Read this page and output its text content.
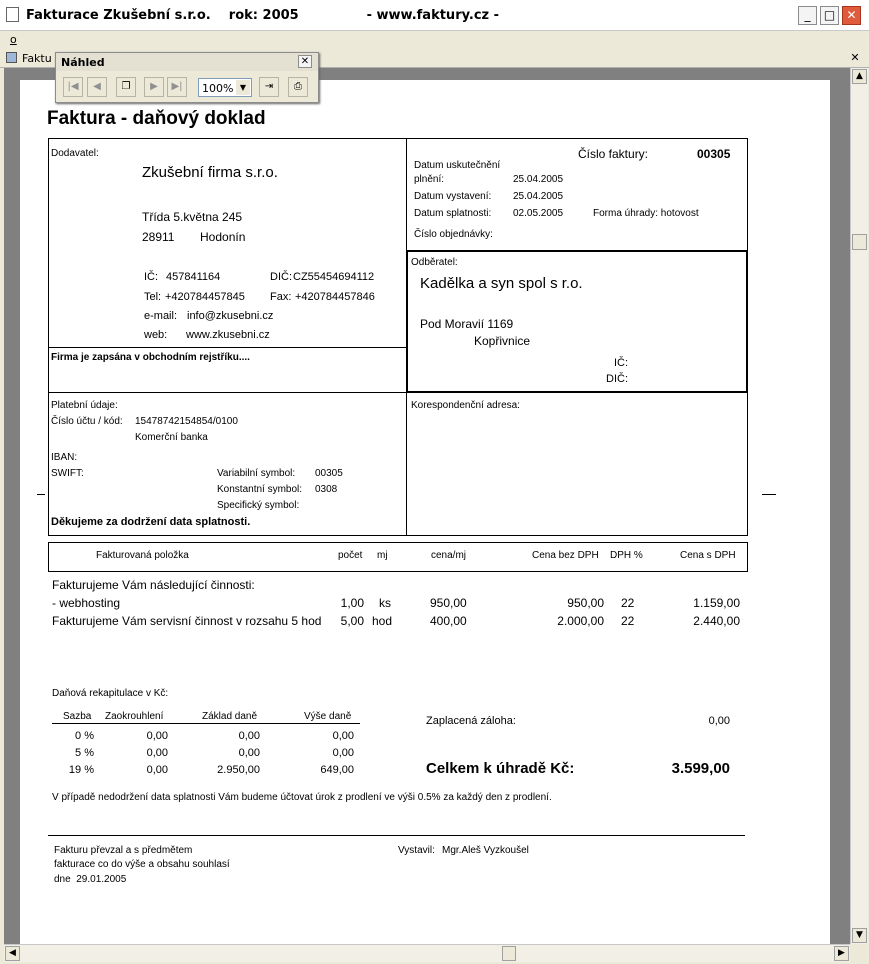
Fakturace Zkušební s.r.o.    rok: 2005               - www.faktury.cz -	_	□ ✕
o
Faktu	✕
Faktura - daňový doklad
Dodavatel:
Zkušební firma s.r.o.
Třída 5.května 245
28911 Hodonín
IČ: 457841164	DIČ: CZ55454694112
Tel: +420784457845 Fax: +420784457846
e-mail: info@zkusebni.cz
web: www.zkusebni.cz
Firma je zapsána v obchodním rejstříku....
Číslo faktury:	00305
Datum uskutečnění
plnění:	25.04.2005
Datum vystavení: 25.04.2005
Datum splatnosti: 02.05.2005	Forma úhrady: hotovost
Číslo objednávky:
Odběratel:
Kadělka a syn spol s r.o.
Pod Moravií 1169
Kopřivnice
IČ:
DIČ:
Platební údaje:
Číslo účtu / kód: 15478742154854/0100
Komerční banka
IBAN:
SWIFT:	Variabilní symbol: 00305
Konstantní symbol: 0308
Specifický symbol:
Děkujeme za dodržení data splatnosti.
Korespondenční adresa:
Fakturovaná položka	počet mj	cena/mj	Cena bez DPH DPH %	Cena s DPH
Fakturujeme Vám následující činnosti:
- webhosting	1,00 ks	950,00	950,00 22	1.159,00
Fakturujeme Vám servisní činnost v rozsahu 5 hod	5,00 hod	400,00	2.000,00 22	2.440,00
Daňová rekapitulace v Kč:
Sazba Zaokrouhlení	Základ daně	Výše daně
0 %	0,00	0,00	0,00
5 %	0,00	0,00	0,00
19 %	0,00	2.950,00	649,00
Zaplacená záloha:	0,00
Celkem k úhradě Kč:	3.599,00
V případě nedodržení data splatnosti Vám budeme účtovat úrok z prodlení ve výši 0.5% za každý den z prodlení.
Fakturu převzal a s předmětem
fakturace co do výše a obsahu souhlasí
dne  29.01.2005
Vystavil: Mgr.Aleš Vyzkoušel
▲
▼
◀	▶
Náhled	✕
|◀	◀	❐	▶	▶|	100% ▼	⇥	⎙
